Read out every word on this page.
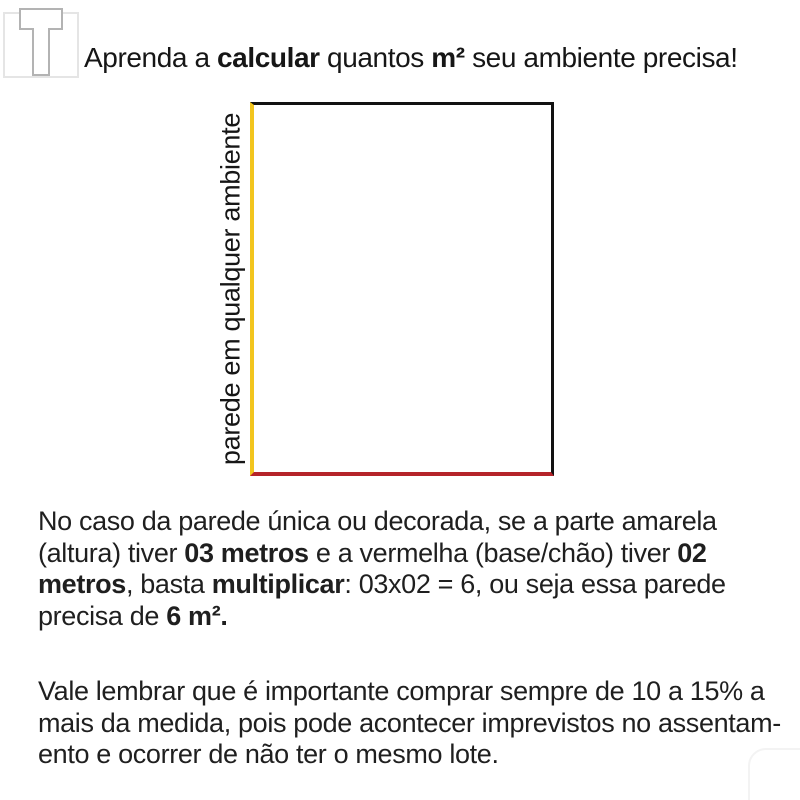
Aprenda a calcular quantos m² seu ambiente precisa!
parede em qualquer ambiente

No caso da parede única ou decorada, se a parte amarela
(altura) tiver 03 metros e a vermelha (base/chão) tiver 02
metros, basta multiplicar: 03x02 = 6, ou seja essa parede
precisa de 6 m².

Vale lembrar que é importante comprar sempre de 10 a 15% a
mais da medida, pois pode acontecer imprevistos no assentam-
ento e ocorrer de não ter o mesmo lote.
